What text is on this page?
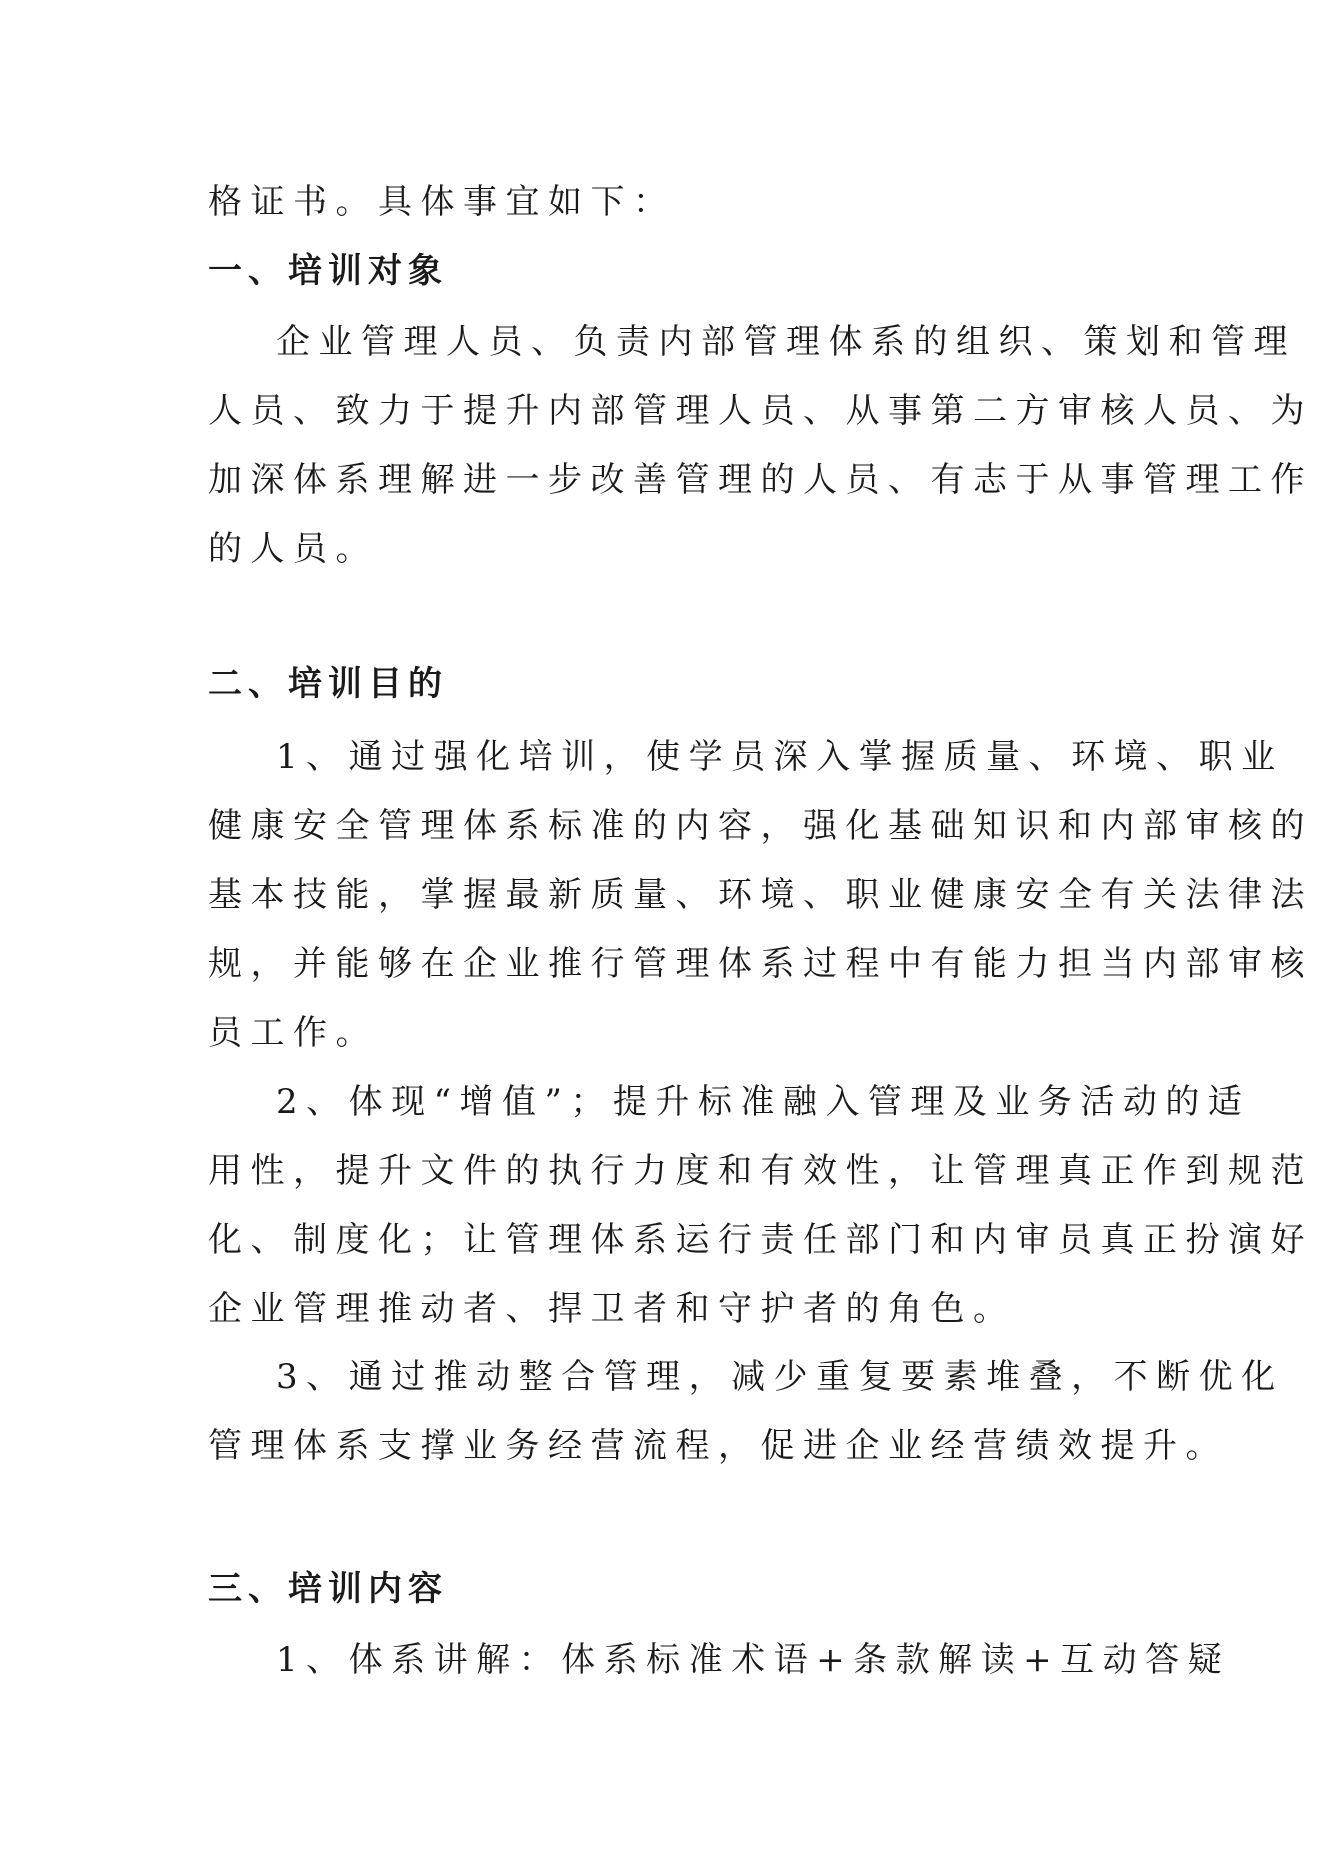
格证书。具体事宜如下：
一、培训对象
企业管理人员、负责内部管理体系的组织、策划和管理
人员、致力于提升内部管理人员、从事第二方审核人员、为
加深体系理解进一步改善管理的人员、有志于从事管理工作
的人员。
二、培训目的
1、通过强化培训，使学员深入掌握质量、环境、职业
健康安全管理体系标准的内容，强化基础知识和内部审核的
基本技能，掌握最新质量、环境、职业健康安全有关法律法
规，并能够在企业推行管理体系过程中有能力担当内部审核
员工作。
2、体现“增值”；提升标准融入管理及业务活动的适
用性，提升文件的执行力度和有效性，让管理真正作到规范
化、制度化；让管理体系运行责任部门和内审员真正扮演好
企业管理推动者、捍卫者和守护者的角色。
3、通过推动整合管理，减少重复要素堆叠，不断优化
管理体系支撑业务经营流程，促进企业经营绩效提升。
三、培训内容
1、体系讲解：体系标准术语+条款解读+互动答疑
